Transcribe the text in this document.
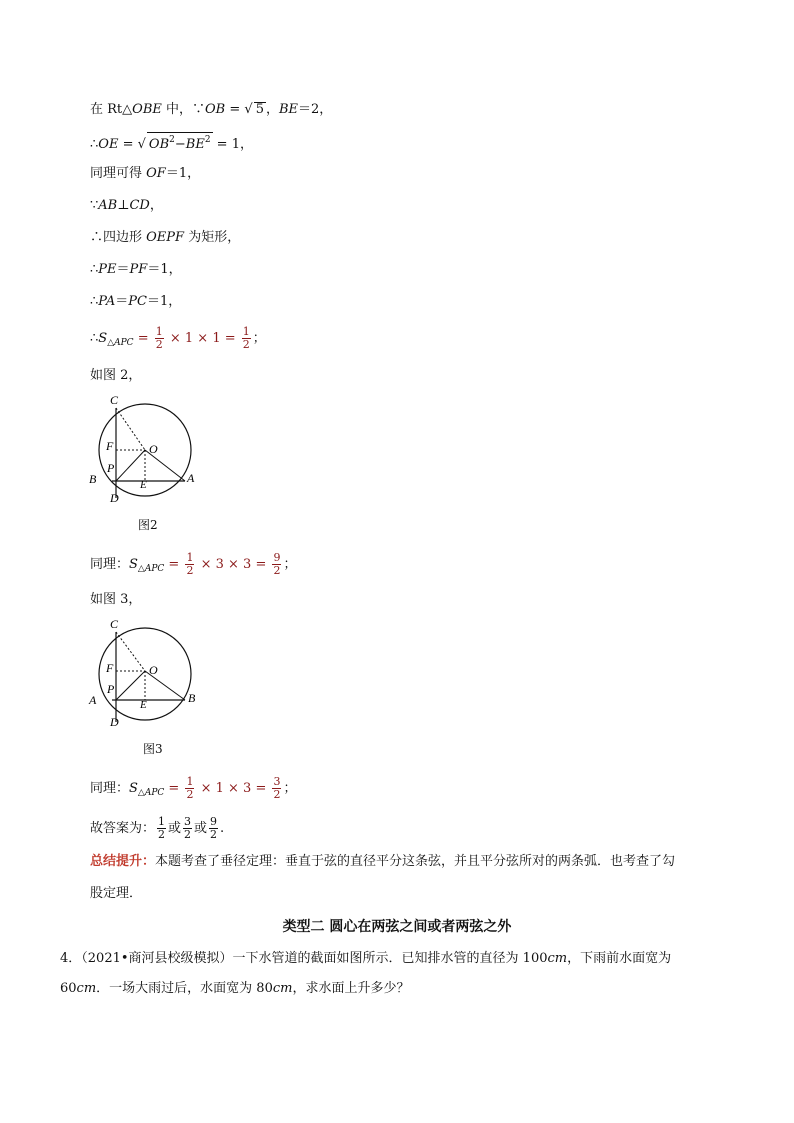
在 Rt△OBE 中，∵OB = √ 5 ，BE＝2，
∴OE = √ $OB^2-BE^2 = 1$，
同理可得 OF＝1，
∵AB⊥CD，
∴四边形 OEPF 为矩形，
∴PE＝PF＝1，
∴PA＝PC＝1，
$\therefore S_{\triangle APC} = \frac{1}{2} \times 1 \times 1 = \frac{1}{2}$ ；
如图 2，
C
F	O
P
B
D
E	A
图2
同理：$S_{\triangle APC} = \frac{1}{2} \times 3 \times 3 = \frac{9}{2}$ ；
如图 3，
C
F	O
P
A
D
E	B
图3
同理：$S_{\triangle APC} = \frac{1}{2} \times 1 \times 3 = \frac{3}{2}$ ；
故答案为： $\frac{1}{2}$ 或 $\frac{3}{2}$ 或 $\frac{9}{2}$ .
总结提升：本题考查了垂径定理：垂直于弦的直径平分这条弦，并且平分弦所对的两条弧．也考查了勾
股定理．
类型二 圆心在两弦之间或者两弦之外
4．（2021•商河县校级模拟）一下水管道的截面如图所示．已知排水管的直径为 100cm，下雨前水面宽为
60cm．一场大雨过后，水面宽为 80cm，求水面上升多少？
